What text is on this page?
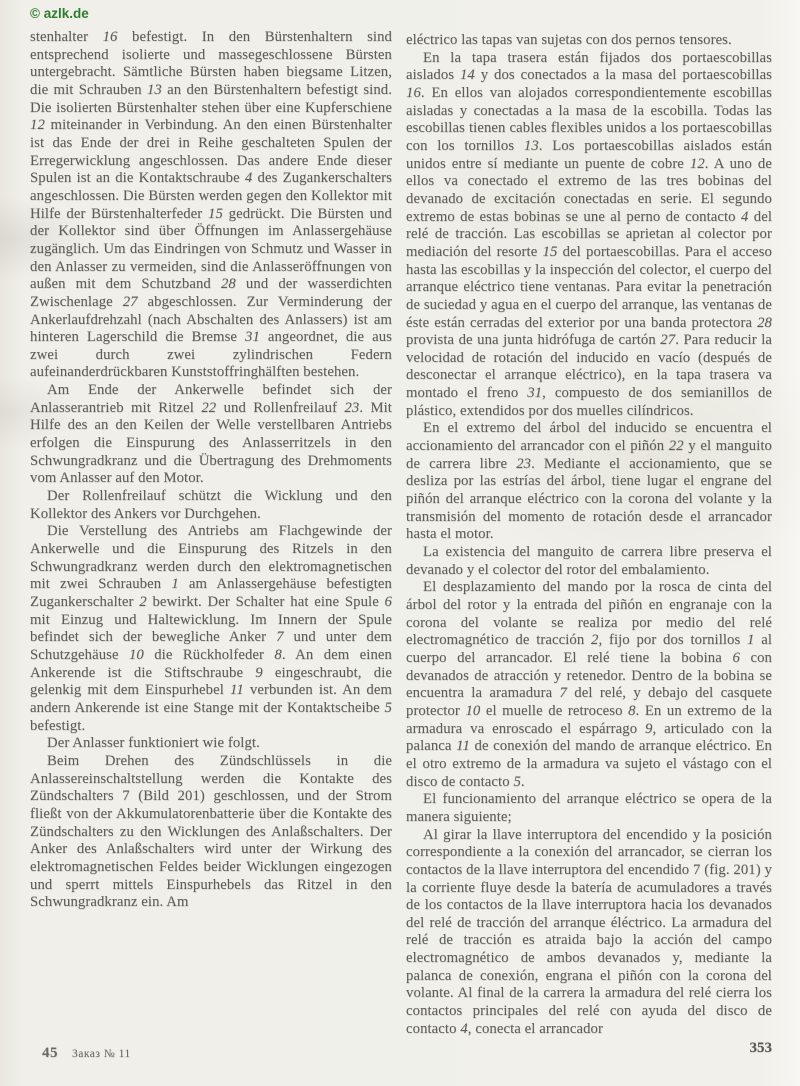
© azlk.de

stenhalter 16 befestigt. In den Bürstenhaltern sind entsprechend isolierte und massegeschlossene Bürsten untergebracht. Sämtliche Bürsten haben biegsame Litzen, die mit Schrauben 13 an den Bürstenhaltern befestigt sind. Die isolierten Bürstenhalter stehen über eine Kupferschiene 12 miteinander in Verbindung. An den einen Bürstenhalter ist das Ende der drei in Reihe geschalteten Spulen der Erregerwicklung angeschlossen. Das andere Ende dieser Spulen ist an die Kontaktschraube 4 des Zugankerschalters angeschlossen. Die Bürsten werden gegen den Kollektor mit Hilfe der Bürstenhalterfeder 15 gedrückt. Die Bürsten und der Kollektor sind über Öffnungen im Anlassergehäuse zugänglich. Um das Eindringen von Schmutz und Wasser in den Anlasser zu vermeiden, sind die Anlasseröffnungen von außen mit dem Schutzband 28 und der wasserdichten Zwischenlage 27 abgeschlossen. Zur Verminderung der Ankerlaufdrehzahl (nach Abschalten des Anlassers) ist am hinteren Lagerschild die Bremse 31 angeordnet, die aus zwei durch zwei zylindrischen Federn aufeinanderdrückbaren Kunststoffringhälften bestehen.

Am Ende der Ankerwelle befindet sich der Anlasserantrieb mit Ritzel 22 und Rollenfreilauf 23. Mit Hilfe des an den Keilen der Welle verstellbaren Antriebs erfolgen die Einspurung des Anlasserritzels in den Schwungradkranz und die Übertragung des Drehmoments vom Anlasser auf den Motor.

Der Rollenfreilauf schützt die Wicklung und den Kollektor des Ankers vor Durchgehen.

Die Verstellung des Antriebs am Flachgewinde der Ankerwelle und die Einspurung des Ritzels in den Schwungradkranz werden durch den elektromagnetischen mit zwei Schrauben 1 am Anlassergehäuse befestigten Zugankerschalter 2 bewirkt. Der Schalter hat eine Spule 6 mit Einzug und Haltewicklung. Im Innern der Spule befindet sich der bewegliche Anker 7 und unter dem Schutzgehäuse 10 die Rückholfeder 8. An dem einen Ankerende ist die Stiftschraube 9 eingeschraubt, die gelenkig mit dem Einspurhebel 11 verbunden ist. An dem andern Ankerende ist eine Stange mit der Kontaktscheibe 5 befestigt.

Der Anlasser funktioniert wie folgt.

Beim Drehen des Zündschlüssels in die Anlassereinschaltstellung werden die Kontakte des Zündschalters 7 (Bild 201) geschlossen, und der Strom fließt von der Akkumulatorenbatterie über die Kontakte des Zündschalters zu den Wicklungen des Anlaßschalters. Der Anker des Anlaßschalters wird unter der Wirkung des elektromagnetischen Feldes beider Wicklungen eingezogen und sperrt mittels Einspurhebels das Ritzel in den Schwungradkranz ein. Am

eléctrico las tapas van sujetas con dos pernos tensores.

En la tapa trasera están fijados dos portaescobillas aislados 14 y dos conectados a la masa del portaescobillas 16. En ellos van alojados correspondientemente escobillas aisladas y conectadas a la masa de la escobilla. Todas las escobillas tienen cables flexibles unidos a los portaescobillas con los tornillos 13. Los portaescobillas aislados están unidos entre sí mediante un puente de cobre 12. A uno de ellos va conectado el extremo de las tres bobinas del devanado de excitación conectadas en serie. El segundo extremo de estas bobinas se une al perno de contacto 4 del relé de tracción. Las escobillas se aprietan al colector por mediación del resorte 15 del portaescobillas. Para el acceso hasta las escobillas y la inspección del colector, el cuerpo del arranque eléctrico tiene ventanas. Para evitar la penetración de suciedad y agua en el cuerpo del arranque, las ventanas de éste están cerradas del exterior por una banda protectora 28 provista de una junta hidrófuga de cartón 27. Para reducir la velocidad de rotación del inducido en vacío (después de desconectar el arranque eléctrico), en la tapa trasera va montado el freno 31, compuesto de dos semianillos de plástico, extendidos por dos muelles cilíndricos.

En el extremo del árbol del inducido se encuentra el accionamiento del arrancador con el piñón 22 y el manguito de carrera libre 23. Mediante el accionamiento, que se desliza por las estrías del árbol, tiene lugar el engrane del piñón del arranque eléctrico con la corona del volante y la transmisión del momento de rotación desde el arrancador hasta el motor.

La existencia del manguito de carrera libre preserva el devanado y el colector del rotor del embalamiento.

El desplazamiento del mando por la rosca de cinta del árbol del rotor y la entrada del piñón en engranaje con la corona del volante se realiza por medio del relé electromagnético de tracción 2, fijo por dos tornillos 1 al cuerpo del arrancador. El relé tiene la bobina 6 con devanados de atracción y retenedor. Dentro de la bobina se encuentra la aramadura 7 del relé, y debajo del casquete protector 10 el muelle de retroceso 8. En un extremo de la armadura va enroscado el espárrago 9, articulado con la palanca 11 de conexión del mando de arranque eléctrico. En el otro extremo de la armadura va sujeto el vástago con el disco de contacto 5.

El funcionamiento del arranque eléctrico se opera de la manera siguiente;

Al girar la llave interruptora del encendido y la posición correspondiente a la conexión del arrancador, se cierran los contactos de la llave interruptora del encendido 7 (fig. 201) y la corriente fluye desde la batería de acumuladores a través de los contactos de la llave interruptora hacia los devanados del relé de tracción del arranque éléctrico. La armadura del relé de tracción es atraida bajo la acción del campo electromagnético de ambos devanados y, mediante la palanca de conexión, engrana el piñón con la corona del volante. Al final de la carrera la armadura del relé cierra los contactos principales del relé con ayuda del disco de contacto 4, conecta el arrancador

45 Заказ № 11	353
